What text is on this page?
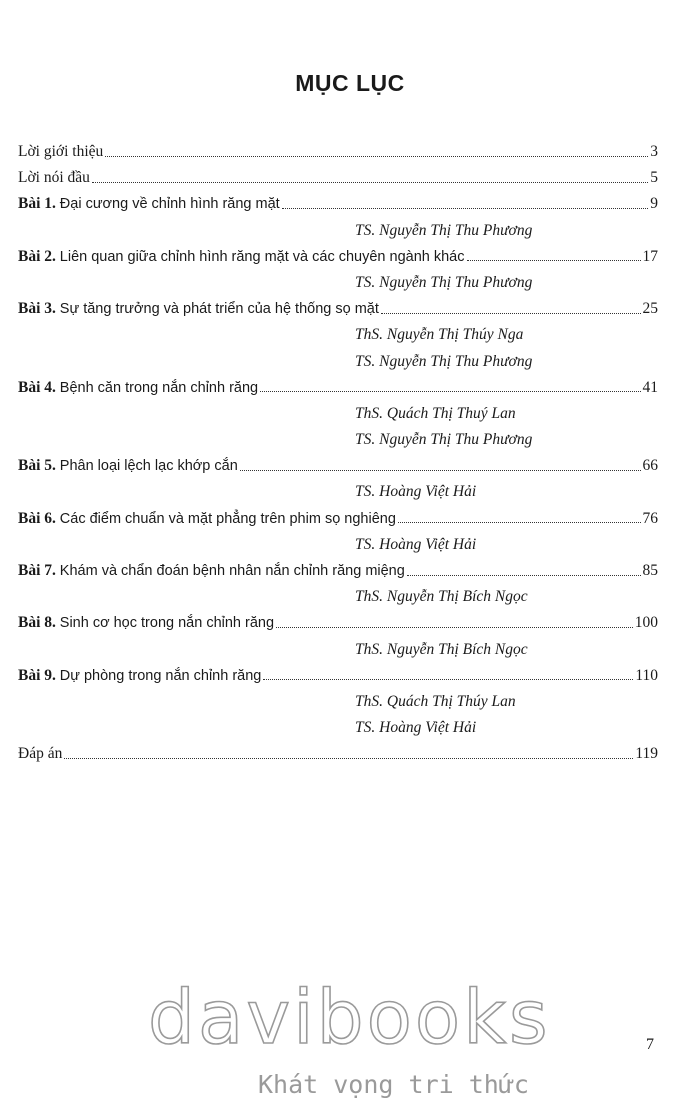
MỤC LỤC
Lời giới thiệu	3
Lời nói đầu	5
Bài 1. Đại cương về chỉnh hình răng mặt	9
TS. Nguyễn Thị Thu Phương
Bài 2. Liên quan giữa chỉnh hình răng mặt và các chuyên ngành khác	17
TS. Nguyễn Thị Thu Phương
Bài 3. Sự tăng trưởng và phát triển của hệ thống sọ mặt	25
ThS. Nguyễn Thị Thúy Nga
TS. Nguyễn Thị Thu Phương
Bài 4. Bệnh căn trong nắn chỉnh răng	41
ThS. Quách Thị Thuý Lan
TS. Nguyễn Thị Thu Phương
Bài 5. Phân loại lệch lạc khớp cắn	66
TS. Hoàng Việt Hải
Bài 6. Các điểm chuẩn và mặt phẳng trên phim sọ nghiêng	76
TS. Hoàng Việt Hải
Bài 7. Khám và chẩn đoán bệnh nhân nắn chỉnh răng miệng	85
ThS. Nguyễn Thị Bích Ngọc
Bài 8. Sinh cơ học trong nắn chỉnh răng	100
ThS. Nguyễn Thị Bích Ngọc
Bài 9. Dự phòng trong nắn chỉnh răng	110
ThS. Quách Thị Thúy Lan
TS. Hoàng Việt Hải
Đáp án	119
davibooks
Khát vọng tri thức
7
